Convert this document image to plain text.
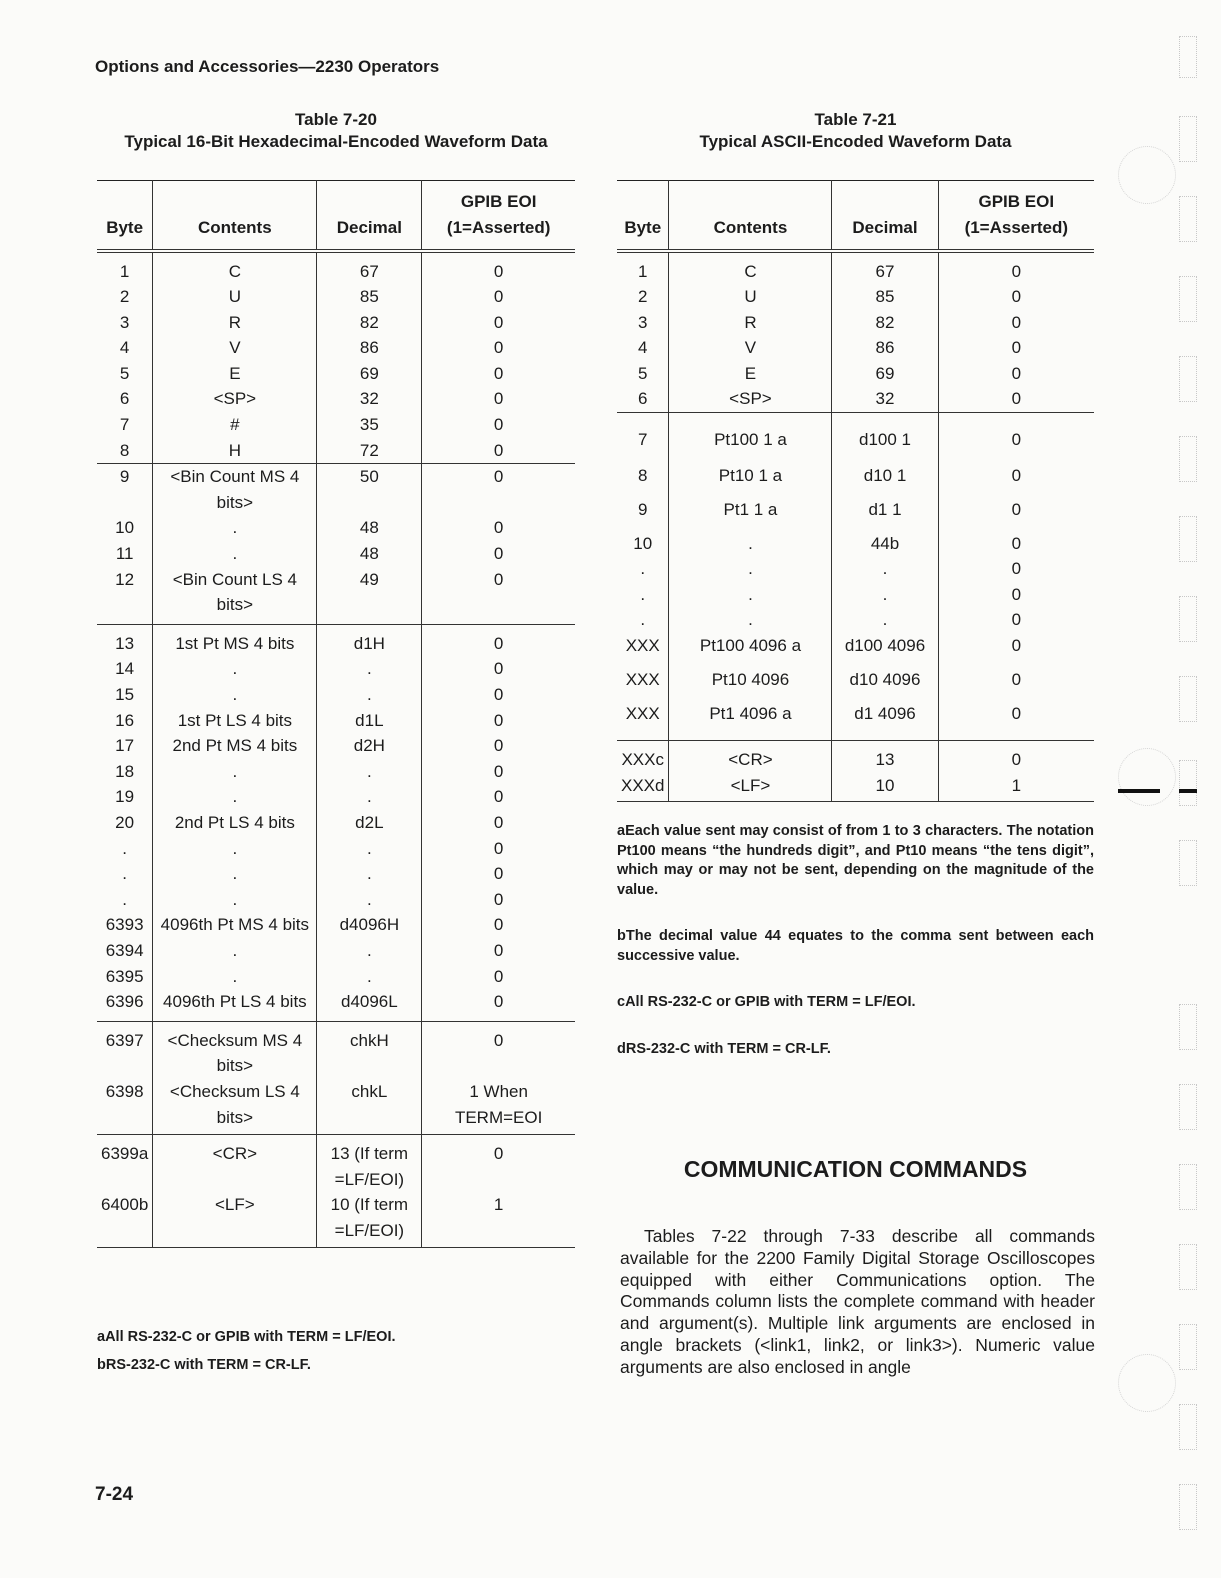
Options and Accessories—2230 Operators
Table 7-20
Typical 16-Bit Hexadecimal-Encoded Waveform Data
Byte	Contents	Decimal	GPIB EOI
(1=Asserted)

1	C	67	0
2	U	85	0
3	R	82	0
4	V	86	0
5	E	69	0
6	<SP>	32	0
7	#	35	0
8	H	72	0
9	<Bin Count MS 4 bits>	50	0
10	.	48	0
11	.	48	0
12	<Bin Count LS 4 bits>	49	0
13	1st Pt MS 4 bits	d1H	0
14	.	.	0
15	.	.	0
16	1st Pt LS 4 bits	d1L	0
17	2nd Pt MS 4 bits	d2H	0
18	.	.	0
19	.	.	0
20	2nd Pt LS 4 bits	d2L	0
.	.	.	0
.	.	.	0
.	.	.	0
6393	4096th Pt MS 4 bits	d4096H	0
6394	.	.	0
6395	.	.	0
6396	4096th Pt LS 4 bits	d4096L	0
6397	<Checksum MS 4 bits>	chkH	0
6398	<Checksum LS 4 bits>	chkL	1 When TERM=EOI
6399a	<CR>	13 (If term =LF/EOI)	0
6400b	<LF>	10 (If term =LF/EOI)	1
aAll RS-232-C or GPIB with TERM = LF/EOI.
bRS-232-C with TERM = CR-LF.
Table 7-21
Typical ASCII-Encoded Waveform Data
Byte	Contents	Decimal	GPIB EOI
(1=Asserted)

1	C	67	0
2	U	85	0
3	R	82	0
4	V	86	0
5	E	69	0
6	<SP>	32	0
7	Pt100 1 a	d100 1	0
8	Pt10 1 a	d10 1	0
9	Pt1 1 a	d1 1	0
10	.	44b	0
.	.	.	0
.	.	.	0
.	.	.	0
XXX	Pt100 4096 a	d100 4096	0
XXX	Pt10 4096	d10 4096	0
XXX	Pt1 4096 a	d1 4096	0
XXXc	<CR>	13	0
XXXd	<LF>	10	1

aEach value sent may consist of from 1 to 3 characters. The notation Pt100 means “the hundreds digit”, and Pt10 means “the tens digit”, which may or may not be sent, depending on the magnitude of the value.

bThe decimal value 44 equates to the comma sent between each successive value.

cAll RS-232-C or GPIB with TERM = LF/EOI.

dRS-232-C with TERM = CR-LF.

COMMUNICATION COMMANDS
Tables 7-22 through 7-33 describe all commands available for the 2200 Family Digital Storage Oscilloscopes equipped with either Communications option. The Commands column lists the complete command with header and argument(s). Multiple link arguments are enclosed in angle brackets (<link1, link2, or link3>). Numeric value arguments are also enclosed in angle
7-24
